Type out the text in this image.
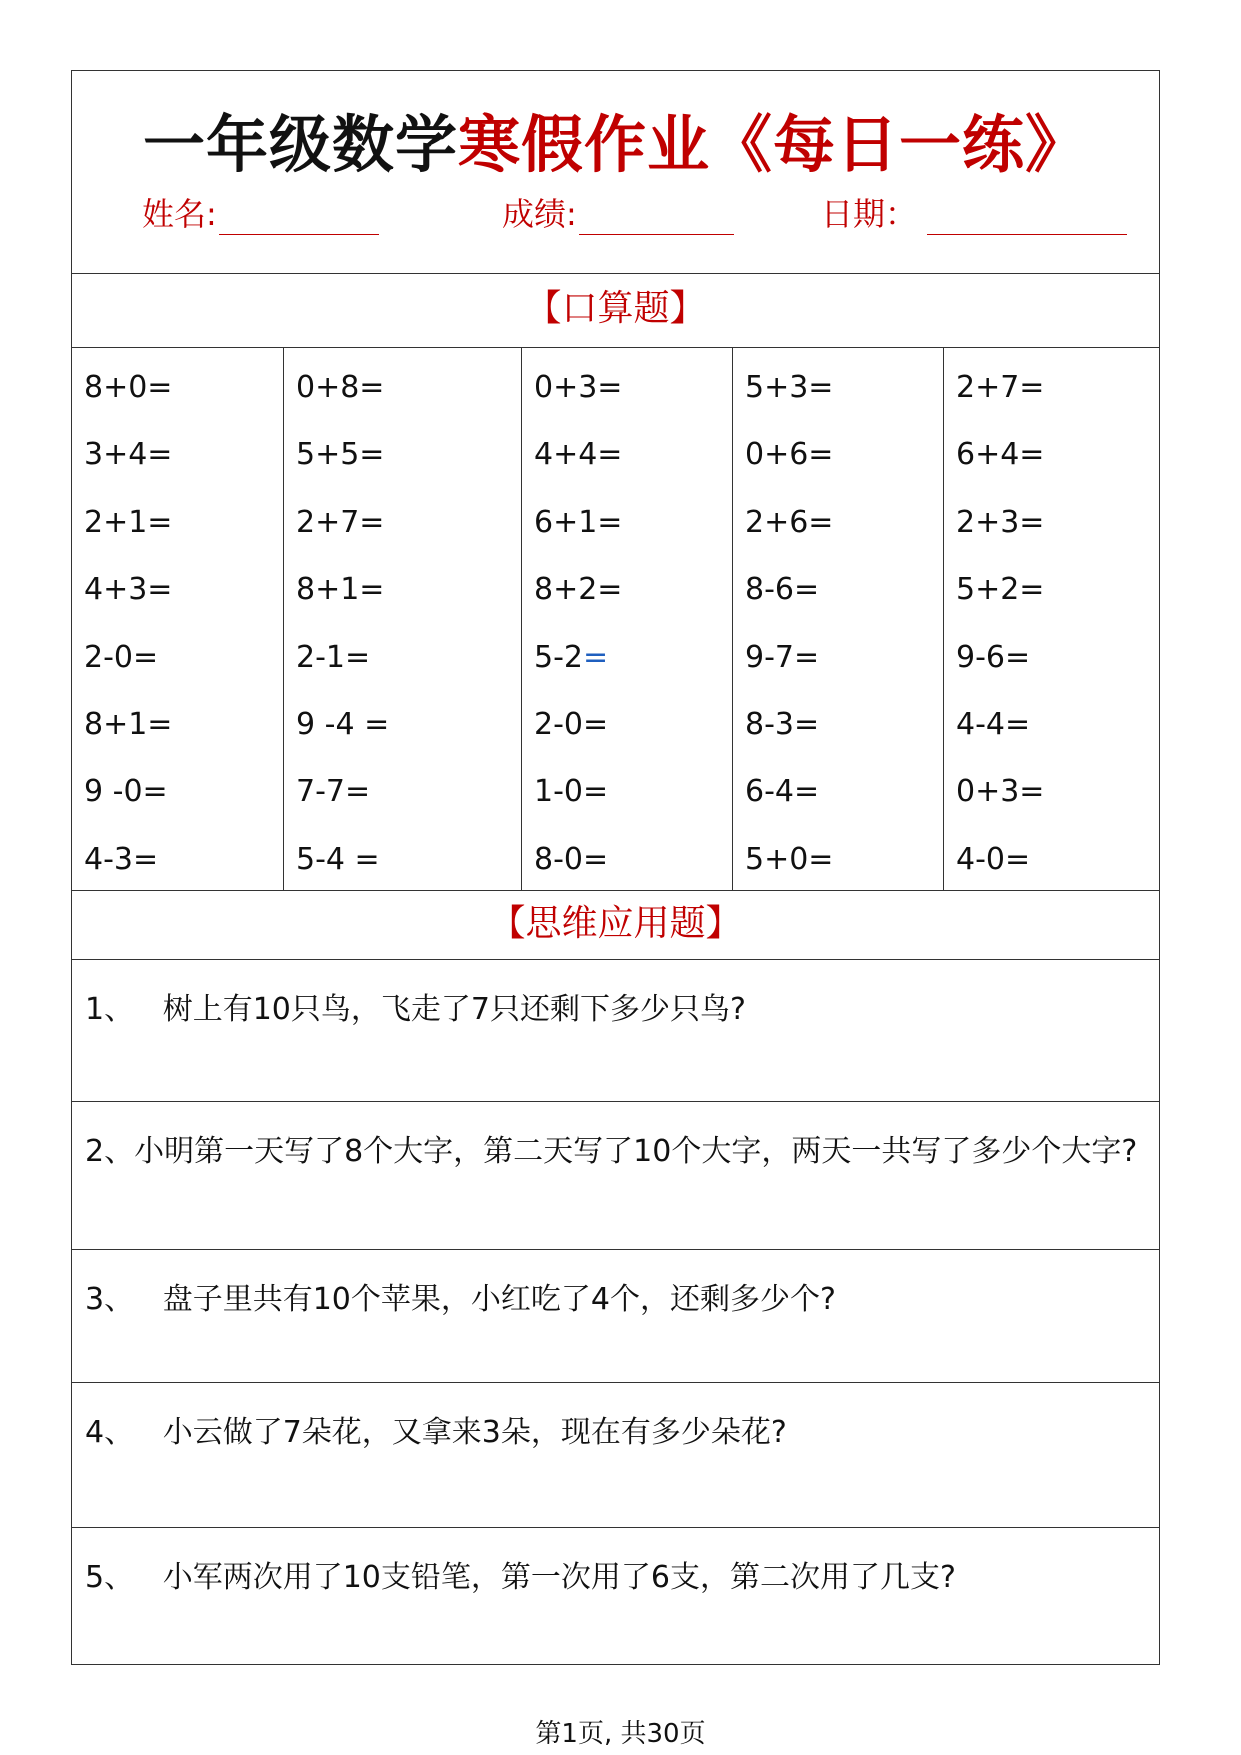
一年级数学寒假作业《每日一练》
姓名:	成绩:	日期：
【口算题】
8+0=
3+4=
2+1=
4+3=
2-0=
8+1=
9 -0=
4-3=
0+8=
5+5=
2+7=
8+1=
2-1=
9 -4 =
7-7=
5-4 =
0+3=
4+4=
6+1=
8+2=
5-2=
2-0=
1-0=
8-0=
5+3=
0+6=
2+6=
8-6=
9-7=
8-3=
6-4=
5+0=
2+7=
6+4=
2+3=
5+2=
9-6=
4-4=
0+3=
4-0=
【思维应用题】
1、   树上有10只鸟，飞走了7只还剩下多少只鸟?
2、小明第一天写了8个大字，第二天写了10个大字，两天一共写了多少个大字?
3、   盘子里共有10个苹果，小红吃了4个，还剩多少个?
4、   小云做了7朵花，又拿来3朵，现在有多少朵花?
5、   小军两次用了10支铅笔，第一次用了6支，第二次用了几支?
第1页, 共30页
